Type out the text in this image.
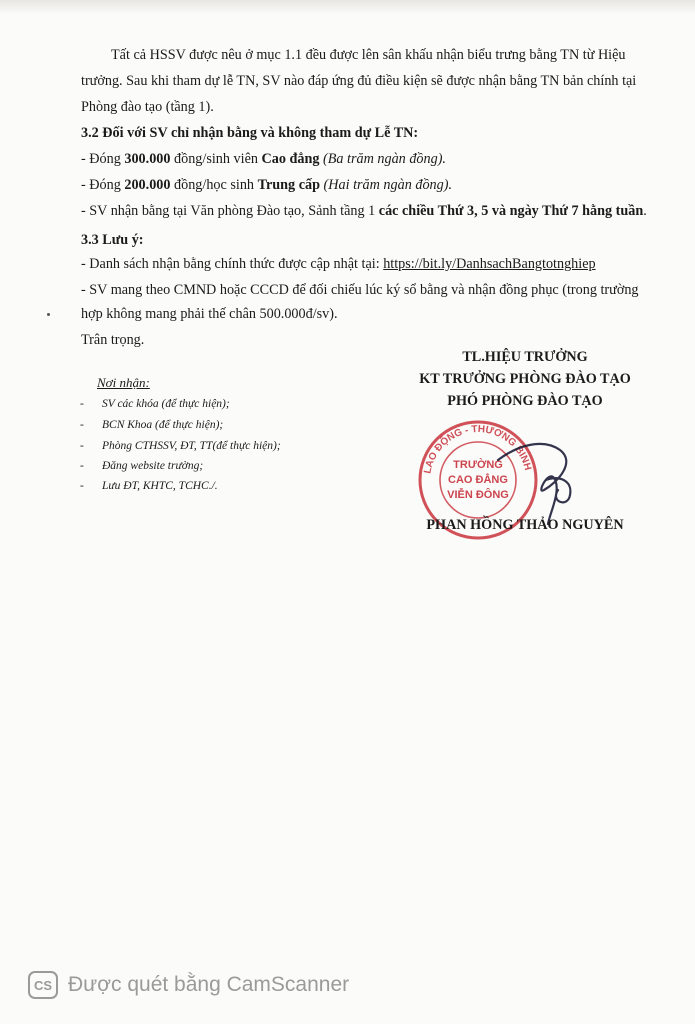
Tất cả HSSV được nêu ở mục 1.1 đều được lên sân khấu nhận biểu trưng bằng TN từ Hiệu
trưởng. Sau khi tham dự lễ TN, SV nào đáp ứng đủ điều kiện sẽ được nhận bằng TN bản chính tại
Phòng đào tạo (tầng 1).
3.2 Đối với SV chỉ nhận bằng và không tham dự Lễ TN:
- Đóng 300.000 đồng/sinh viên Cao đẳng (Ba trăm ngàn đồng).
- Đóng 200.000 đồng/học sinh Trung cấp (Hai trăm ngàn đồng).
- SV nhận bằng tại Văn phòng Đào tạo, Sảnh tầng 1 các chiều Thứ 3, 5 và ngày Thứ 7 hằng tuần.
3.3 Lưu ý:
- Danh sách nhận bằng chính thức được cập nhật tại: https://bit.ly/DanhsachBangtotnghiep
- SV mang theo CMND hoặc CCCD để đối chiếu lúc ký sổ bằng và nhận đồng phục (trong trường
hợp không mang phải thế chân 500.000đ/sv).
Trân trọng.
TL.HIỆU TRƯỞNG
KT TRƯỞNG PHÒNG ĐÀO TẠO
PHÓ PHÒNG ĐÀO TẠO
LAO ĐỘNG - THƯƠNG BINH
TRƯỜNG
CAO ĐẲNG
VIỄN ĐÔNG
PHAN HỒNG THẢO NGUYÊN
Nơi nhận:
- SV các khóa (để thực hiện);
- BCN Khoa (để thực hiện);
- Phòng CTHSSV, ĐT, TT(để thực hiện);
- Đăng website trường;
- Lưu ĐT, KHTC, TCHC./.
CS Được quét bằng CamScanner
